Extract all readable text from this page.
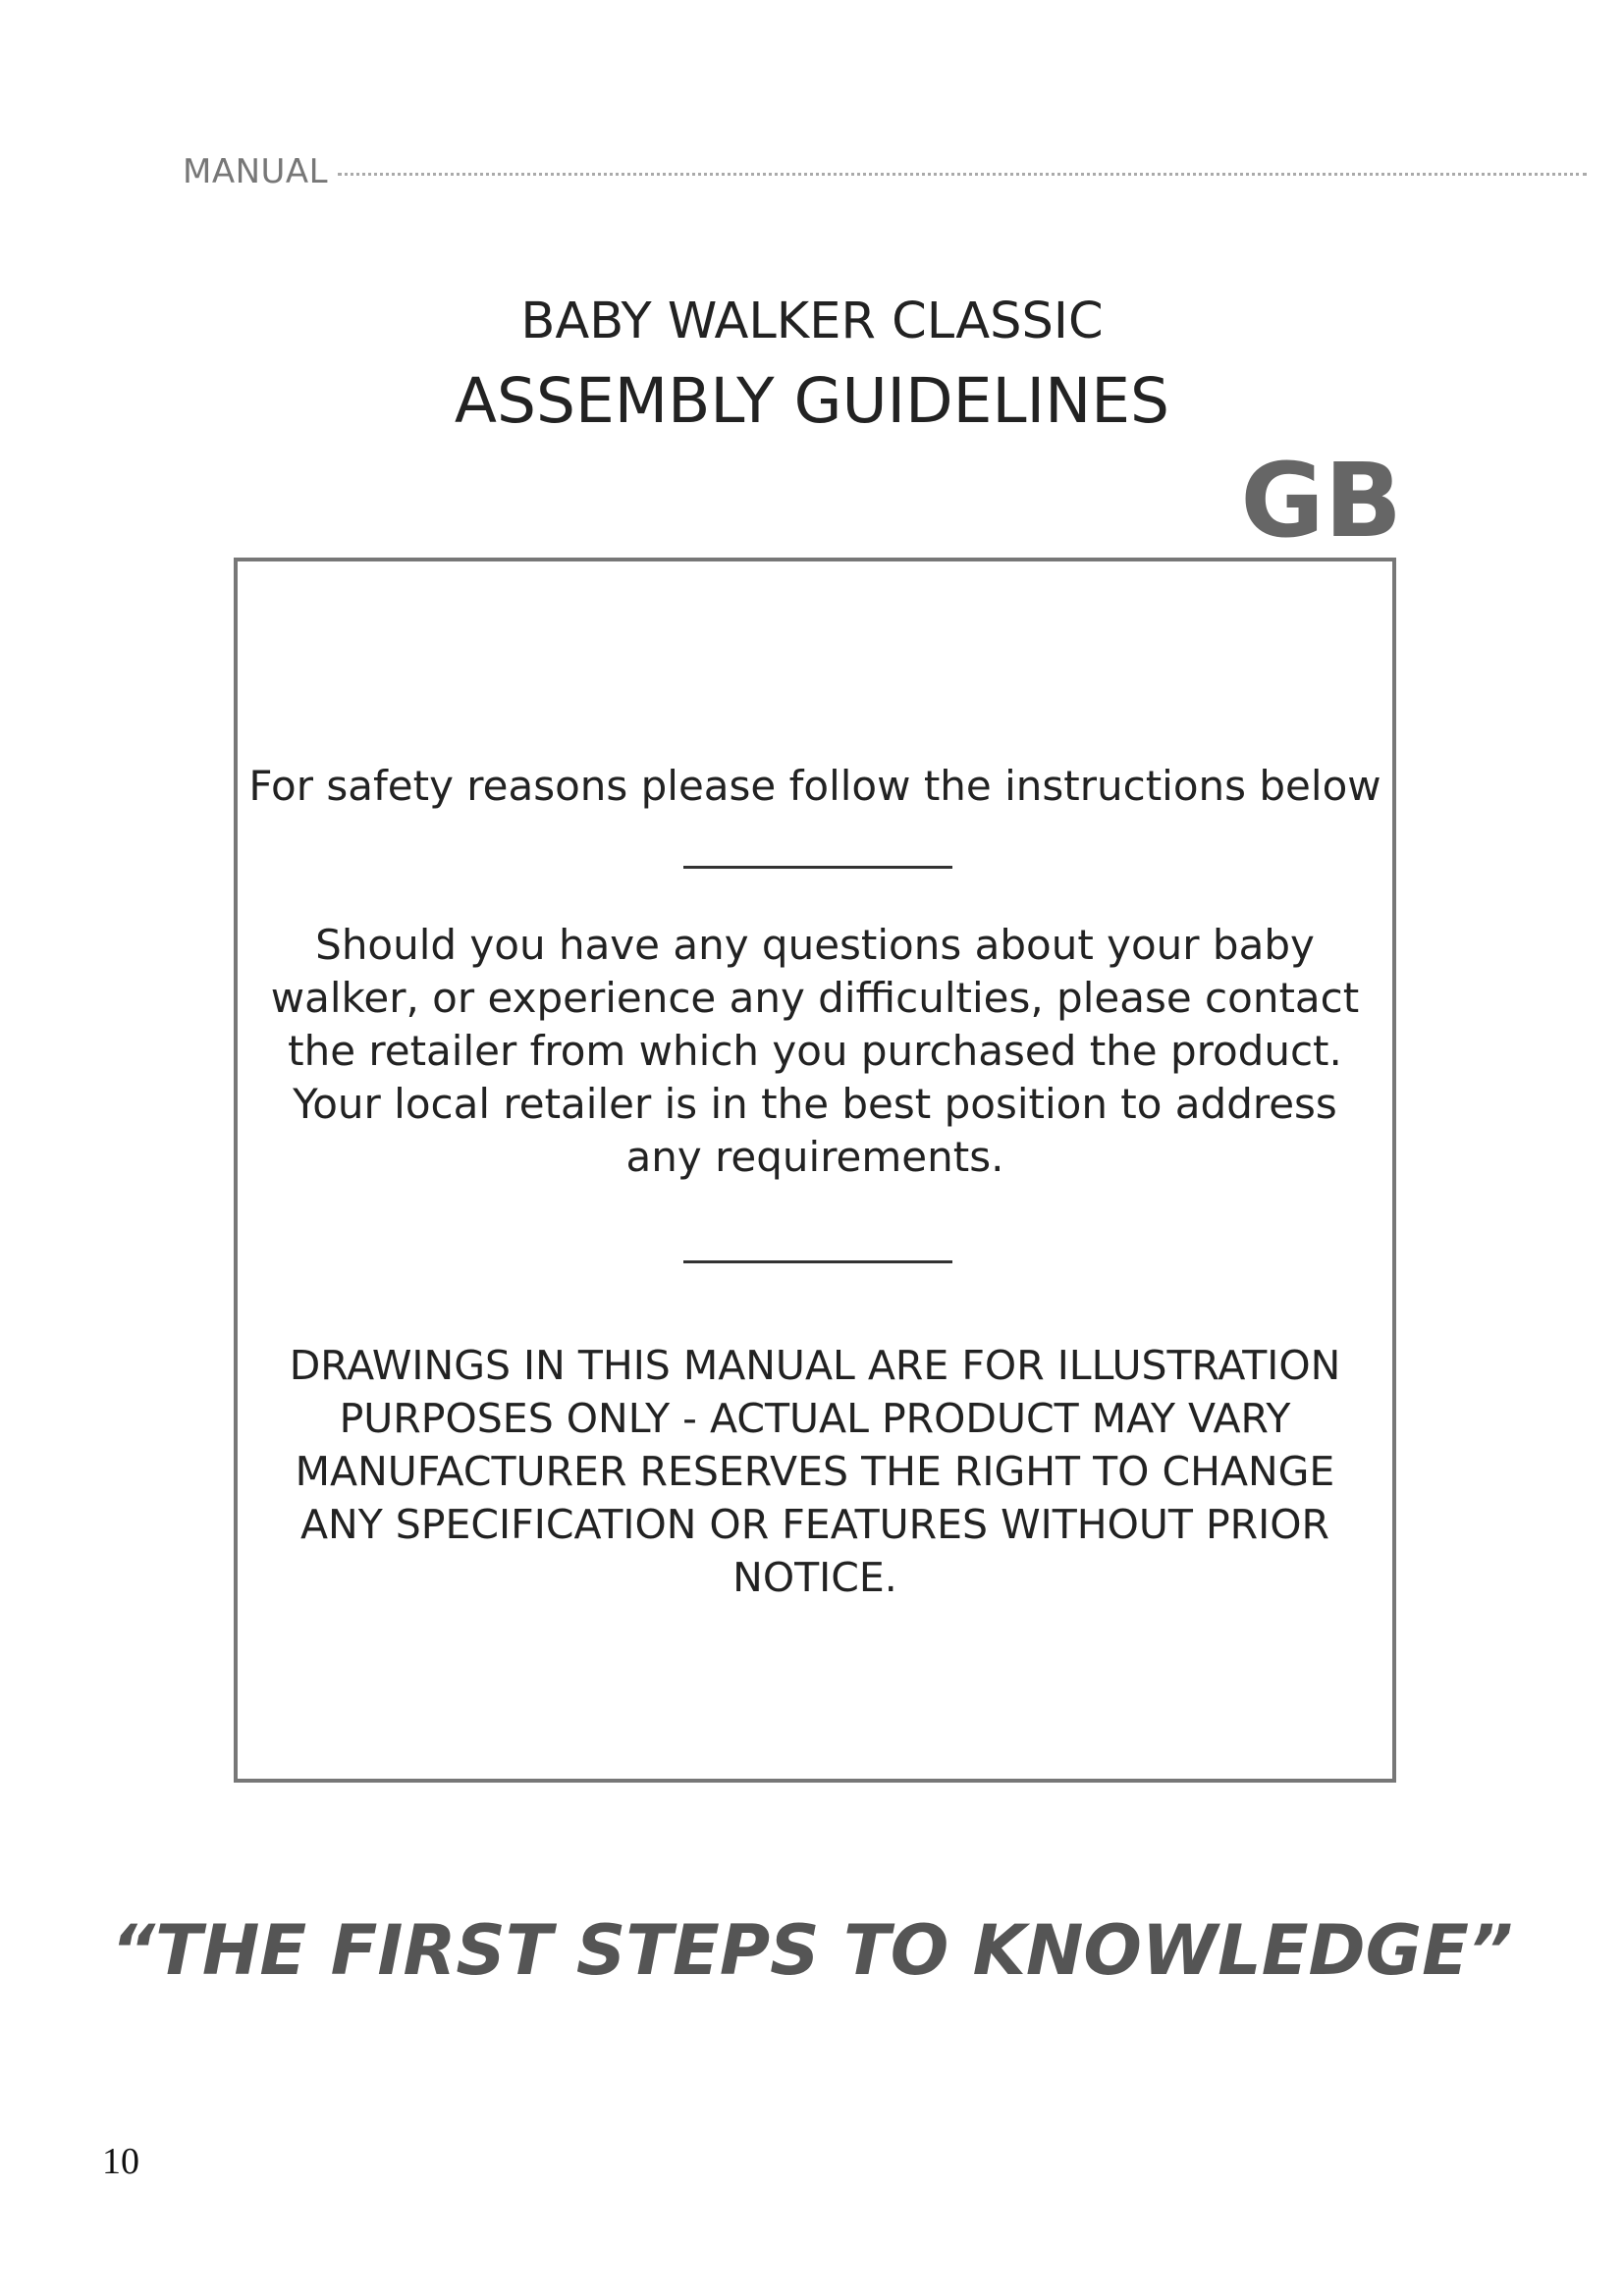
MANUAL
BABY WALKER CLASSIC
ASSEMBLY GUIDELINES
GB
For safety reasons please follow the instructions below
Should you have any questions about your baby
walker, or experience any difficulties, please contact
the retailer from which you purchased the product.
Your local retailer is in the best position to address
any requirements.
DRAWINGS IN THIS MANUAL ARE FOR ILLUSTRATION
PURPOSES ONLY - ACTUAL PRODUCT MAY VARY
MANUFACTURER RESERVES THE RIGHT TO CHANGE
ANY SPECIFICATION OR FEATURES WITHOUT PRIOR
NOTICE.
“THE FIRST STEPS TO KNOWLEDGE”
10
